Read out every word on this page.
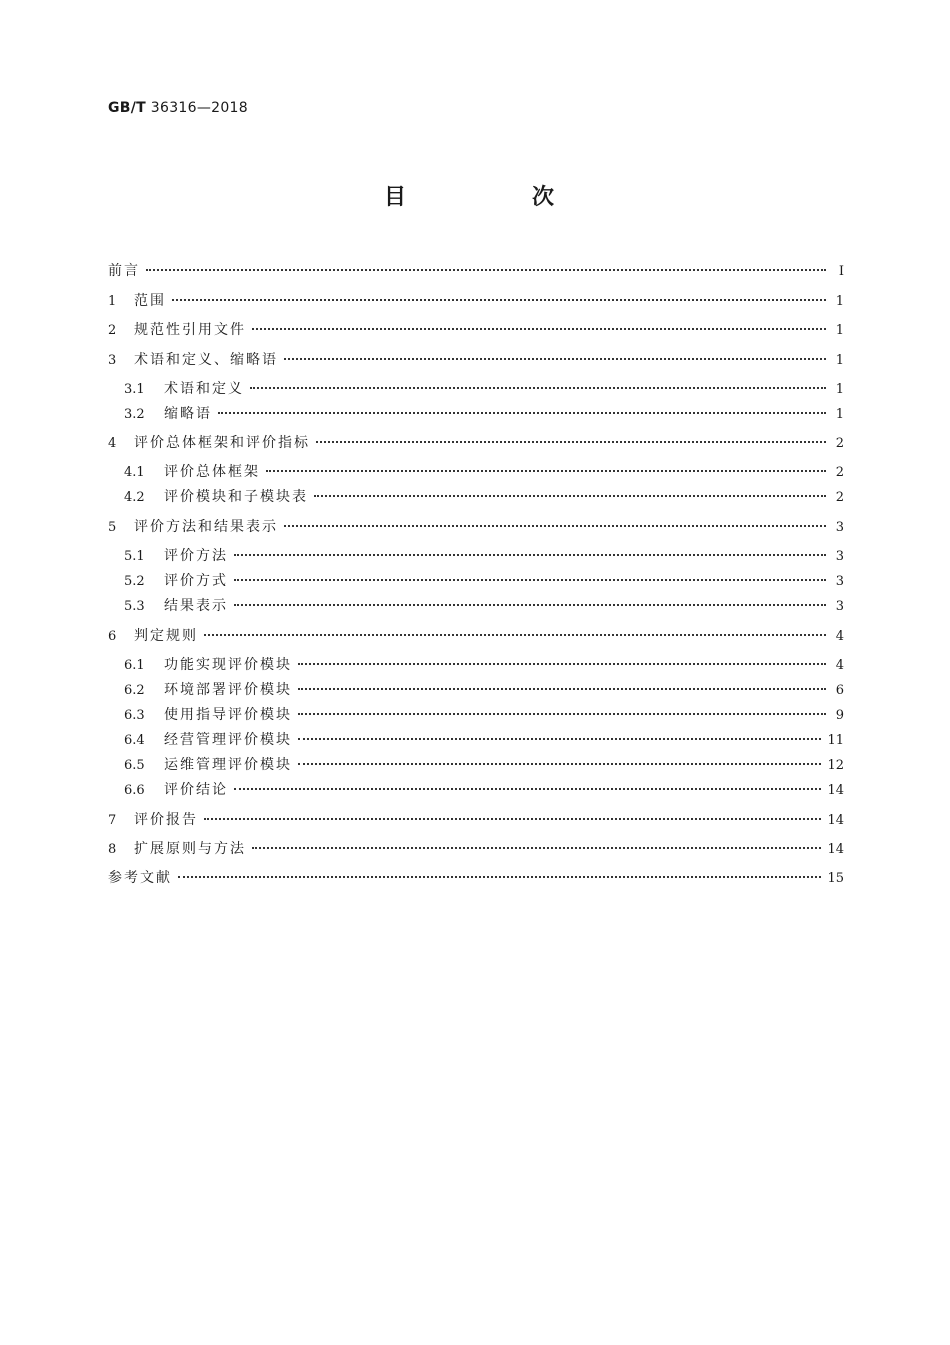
GB/T 36316—2018
目　次
前言	Ⅰ
1	范围	1
2	规范性引用文件	1
3	术语和定义、缩略语	1
3.1	术语和定义	1
3.2	缩略语	1
4	评价总体框架和评价指标	2
4.1	评价总体框架	2
4.2	评价模块和子模块表	2
5	评价方法和结果表示	3
5.1	评价方法	3
5.2	评价方式	3
5.3	结果表示	3
6	判定规则	4
6.1	功能实现评价模块	4
6.2	环境部署评价模块	6
6.3	使用指导评价模块	9
6.4	经营管理评价模块	11
6.5	运维管理评价模块	12
6.6	评价结论	14
7	评价报告	14
8	扩展原则与方法	14
参考文献	15
